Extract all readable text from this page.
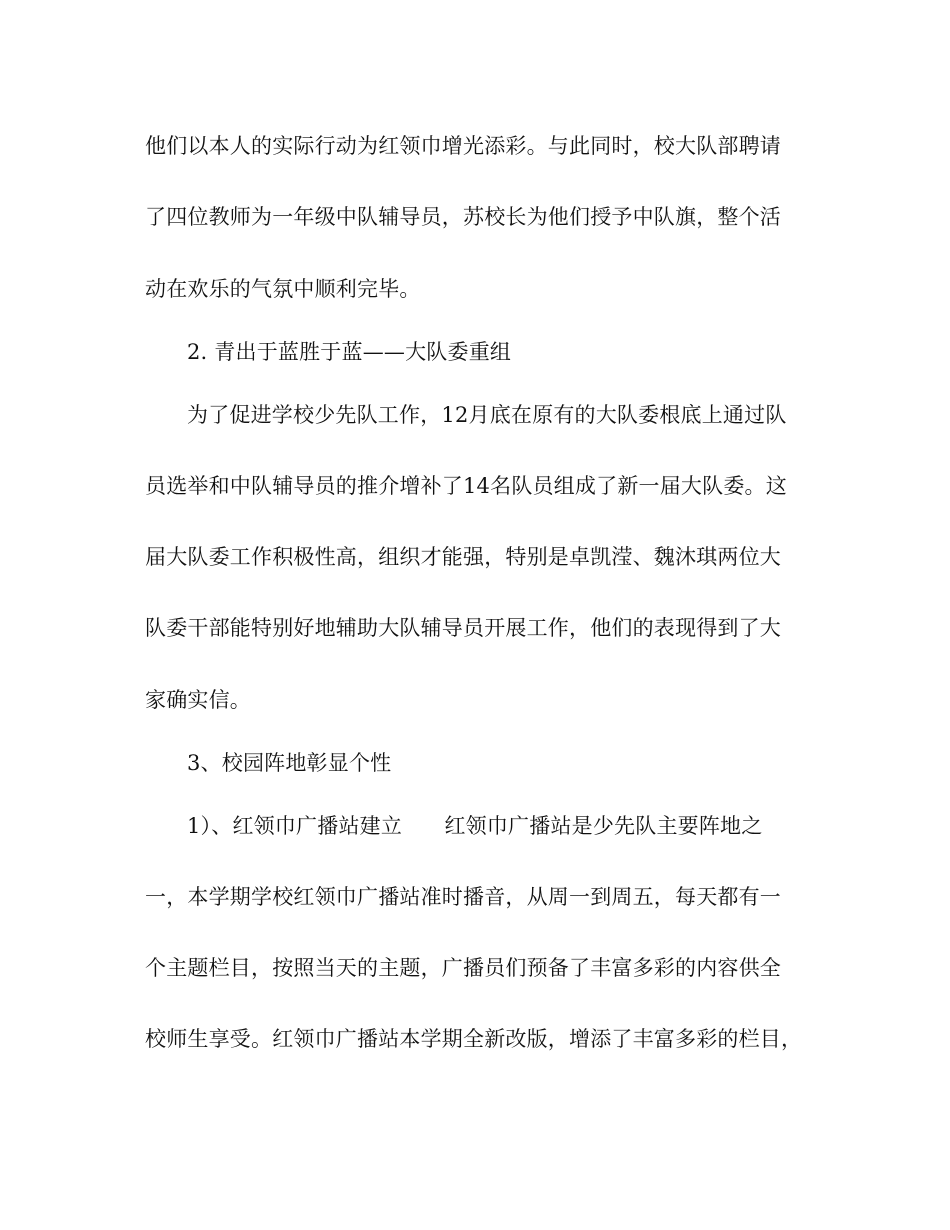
他们以本人的实际行动为红领巾增光添彩。与此同时，校大队部聘请
了四位教师为一年级中队辅导员，苏校长为他们授予中队旗，整个活
动在欢乐的气氛中顺利完毕。
2. 青出于蓝胜于蓝——大队委重组
为了促进学校少先队工作，12月底在原有的大队委根底上通过队
员选举和中队辅导员的推介增补了14名队员组成了新一届大队委。这
届大队委工作积极性高，组织才能强，特别是卓凯滢、魏沐琪两位大
队委干部能特别好地辅助大队辅导员开展工作，他们的表现得到了大
家确实信。
3、校园阵地彰显个性
1）、红领巾广播站建立　　红领巾广播站是少先队主要阵地之
一，本学期学校红领巾广播站准时播音，从周一到周五，每天都有一
个主题栏目，按照当天的主题，广播员们预备了丰富多彩的内容供全
校师生享受。红领巾广播站本学期全新改版，增添了丰富多彩的栏目，
